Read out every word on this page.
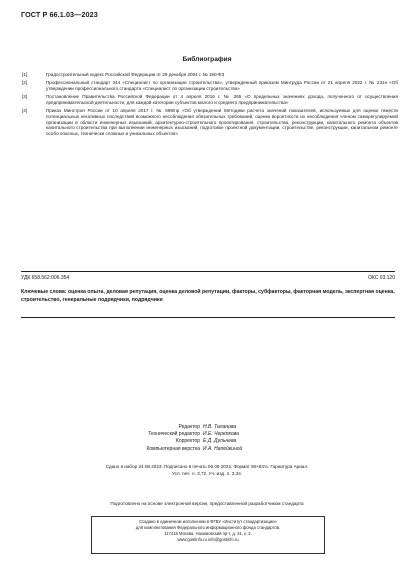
ГОСТ Р 66.1.03—2023
Библиография
[1]	Градостроительный кодекс Российской Федерации от 29 декабря 2004 г. № 190-ФЗ
[2]	Профессиональный стандарт 344 «Специалист по организации строительства», утвержденный приказом Минтруда России от 21 апреля 2022 г. № 231н «Об утверждении профессионального стандарта «Специалист по организации строительства»
[3]	Постановление Правительства Российской Федерации от 4 апреля 2016 г. № 265 «О предельных значениях дохода, полученного от осуществления предпринимательской деятельности, для каждой категории субъектов малого и среднего предпринимательства»
[4]	Приказ Минстроя России от 10 апреля 2017 г. № 699/пр «Об утверждении Методики расчета значений показателей, используемых для оценки тяжести потенциальных негативных последствий возможного несоблюдения обязательных требований, оценки вероятности их несоблюдения членом саморегулируемой организации в области инженерных изысканий, архитектурно-строительного проектирования, строительства, реконструкции, капитального ремонта объектов капитального строительства при выполнении инженерных изысканий, подготовке проектной документации, строительстве, реконструкции, капитальном ремонте особо опасных, технически сложных и уникальных объектов»
УДК 658.562:006.354	ОКС 03.120
Ключевые слова: оценка опыта, деловая репутация, оценка деловой репутации, факторы, субфакторы, факторная модель, экспертная оценка, строительство, генеральные подрядчики, подрядчики
Редактор Н.В. Таланова
Технический редактор И.Е. Черепкова
Корректор Е.Д. Дульнева
Компьютерная верстка И.А. Налейкиной
Сдано в набор 24.08.2023. Подписано в печать 06.09.2023. Формат 60×84⅛. Гарнитура Ариал.
Усл. печ. л. 3,72. Уч.-изд. л. 3,34.
Подготовлено на основе электронной версии, предоставленной разработчиком стандарта
Создано в единичном исполнении в ФГБУ «Институт стандартизации»
для комплектования Федерального информационного фонда стандартов,
117418 Москва, Нахимовский пр-т, д. 31, к. 2.
www.gostinfo.ru info@gostinfo.ru
